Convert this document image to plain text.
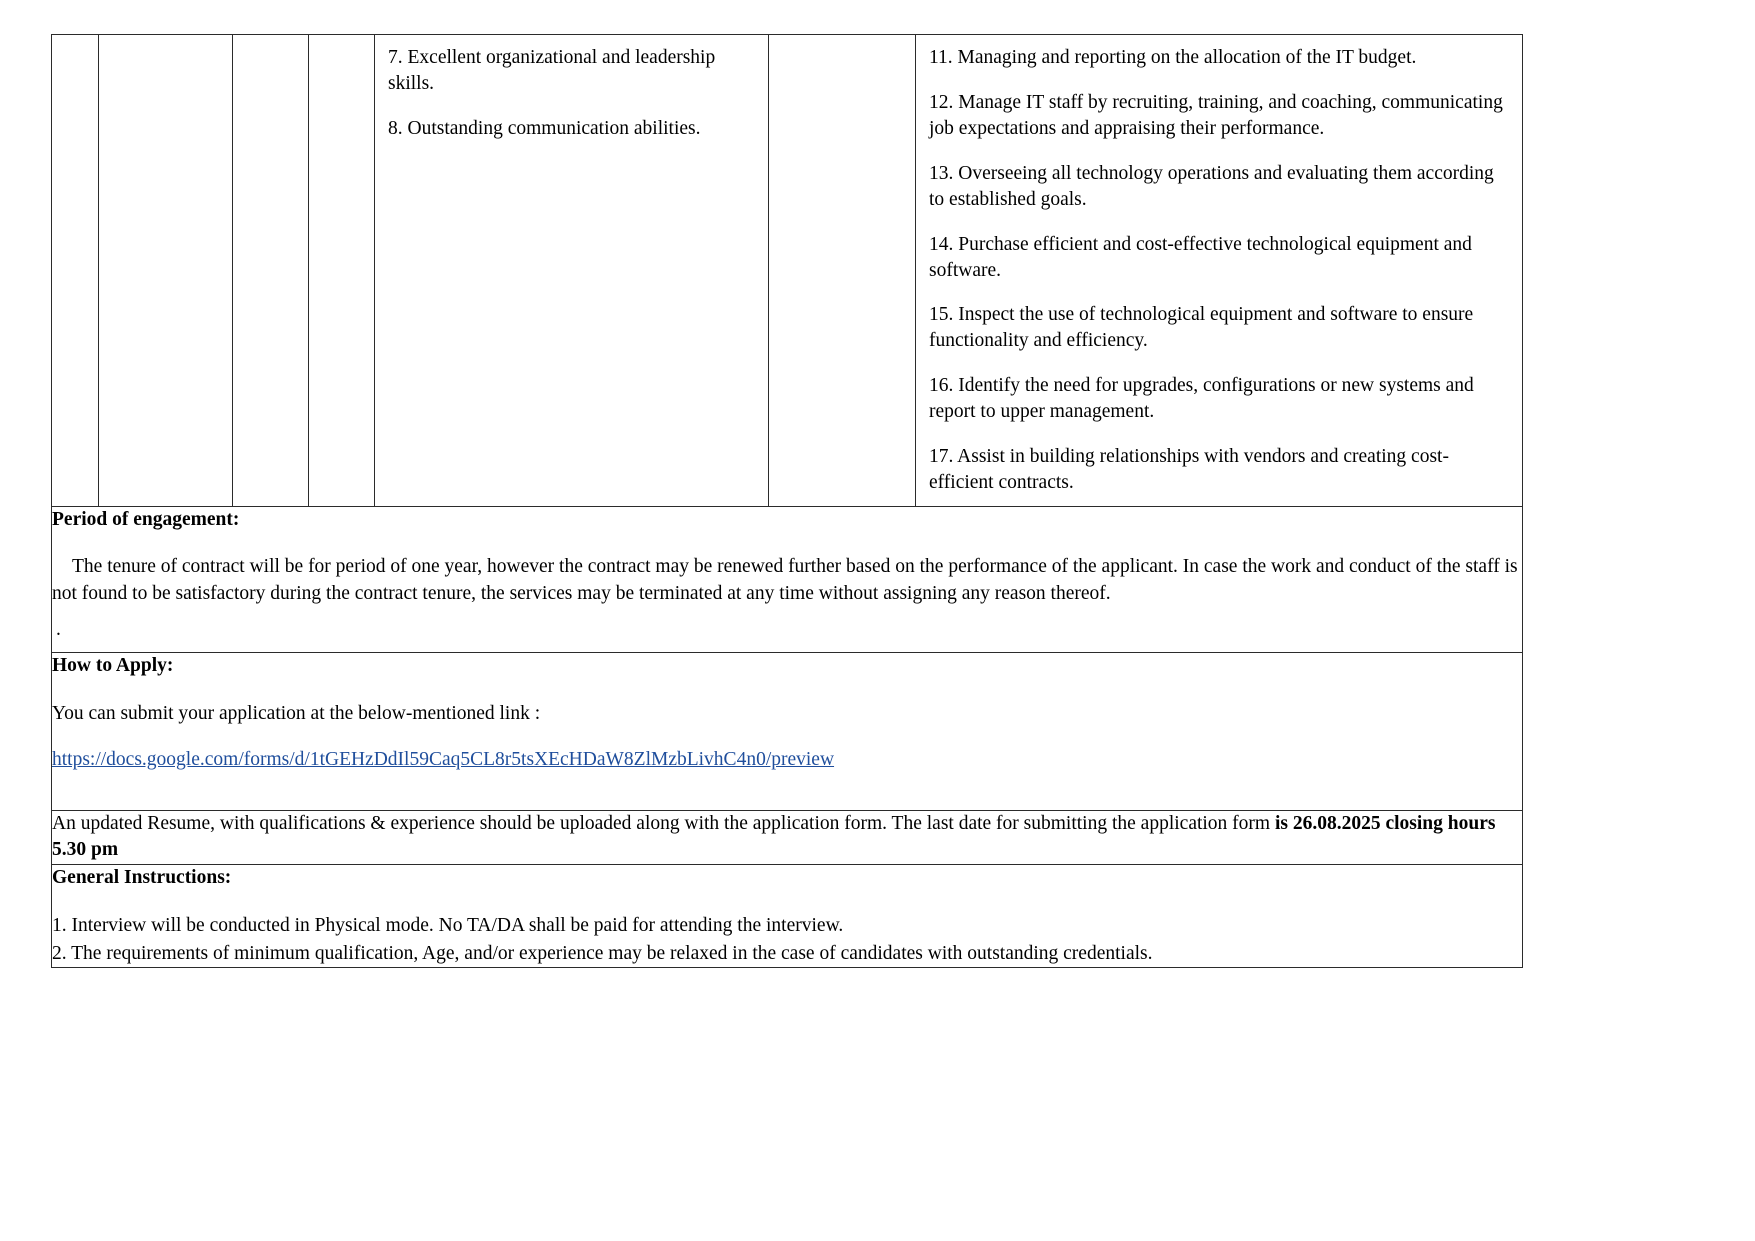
7. Excellent organizational and leadership skills.

8. Outstanding communication abilities.

11. Managing and reporting on the allocation of the IT budget.

12. Manage IT staff by recruiting, training, and coaching, communicating job expectations and appraising their performance.

13. Overseeing all technology operations and evaluating them according to established goals.

14. Purchase efficient and cost-effective technological equipment and software.

15. Inspect the use of technological equipment and software to ensure functionality and efficiency.

16. Identify the need for upgrades, configurations or new systems and report to upper management.

17. Assist in building relationships with vendors and creating cost-efficient contracts.

Period of engagement:

The tenure of contract will be for period of one year, however the contract may be renewed further based on the performance of the applicant. In case the work and conduct of the staff is not found to be satisfactory during the contract tenure, the services may be terminated at any time without assigning any reason thereof.

.

How to Apply:

You can submit your application at the below-mentioned link :

https://docs.google.com/forms/d/1tGEHzDdIl59Caq5CL8r5tsXEcHDaW8ZlMzbLivhC4n0/preview

An updated Resume, with qualifications & experience should be uploaded along with the application form. The last date for submitting the application form is 26.08.2025 closing hours 5.30 pm

General Instructions:

1. Interview will be conducted in Physical mode. No TA/DA shall be paid for attending the interview.

2. The requirements of minimum qualification, Age, and/or experience may be relaxed in the case of candidates with outstanding credentials.
